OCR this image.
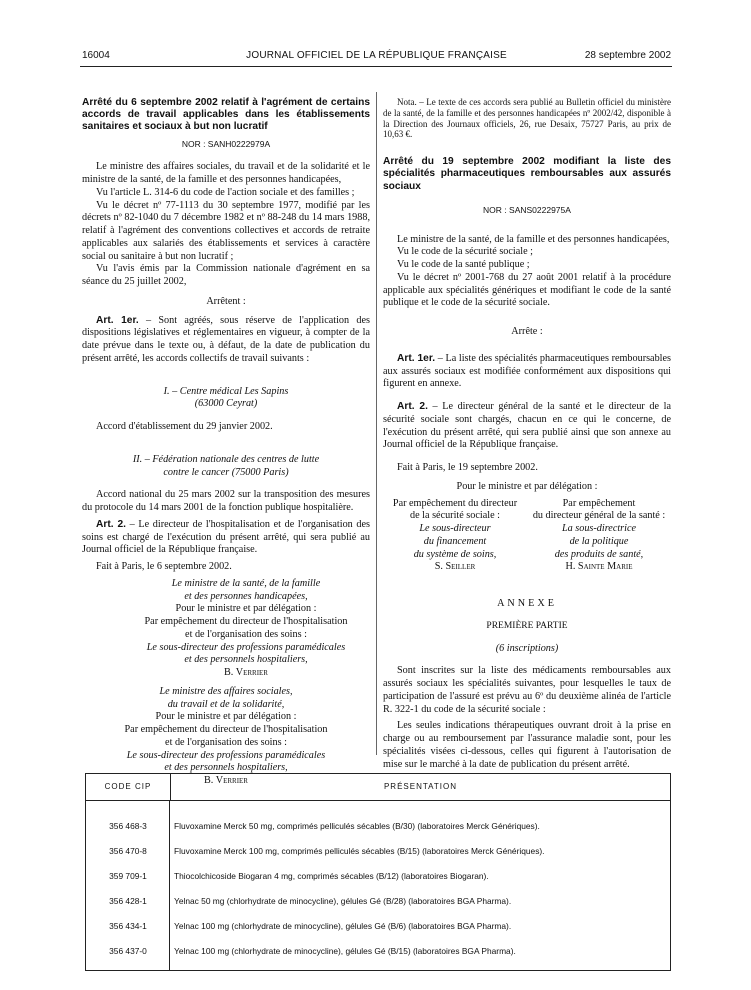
16004	JOURNAL OFFICIEL DE LA RÉPUBLIQUE FRANÇAISE	28 septembre 2002

Arrêté du 6 septembre 2002 relatif à l'agrément de certains accords de travail applicables dans les établissements sanitaires et sociaux à but non lucratif

NOR : SANH0222979A

Le ministre des affaires sociales, du travail et de la solidarité et le ministre de la santé, de la famille et des personnes handicapées,

Vu l'article L. 314-6 du code de l'action sociale et des familles ;

Vu le décret nº 77-1113 du 30 septembre 1977, modifié par les décrets nº 82-1040 du 7 décembre 1982 et nº 88-248 du 14 mars 1988, relatif à l'agrément des conventions collectives et accords de retraite applicables aux salariés des établissements et services à caractère social ou sanitaire à but non lucratif ;

Vu l'avis émis par la Commission nationale d'agrément en sa séance du 25 juillet 2002,

Arrêtent :

Art. 1er. – Sont agréés, sous réserve de l'application des dispositions législatives et réglementaires en vigueur, à compter de la date prévue dans le texte ou, à défaut, de la date de publication du présent arrêté, les accords collectifs de travail suivants :

I. – Centre médical Les Sapins
(63000 Ceyrat)

Accord d'établissement du 29 janvier 2002.

II. – Fédération nationale des centres de lutte
contre le cancer (75000 Paris)

Accord national du 25 mars 2002 sur la transposition des mesures du protocole du 14 mars 2001 de la fonction publique hospitalière.

Art. 2. – Le directeur de l'hospitalisation et de l'organisation des soins est chargé de l'exécution du présent arrêté, qui sera publié au Journal officiel de la République française.

Fait à Paris, le 6 septembre 2002.

Le ministre de la santé, de la famille
et des personnes handicapées,
Pour le ministre et par délégation :
Par empêchement du directeur de l'hospitalisation
et de l'organisation des soins :
Le sous-directeur des professions paramédicales
et des personnels hospitaliers,
B. Verrier
Le ministre des affaires sociales,
du travail et de la solidarité,
Pour le ministre et par délégation :
Par empêchement du directeur de l'hospitalisation
et de l'organisation des soins :
Le sous-directeur des professions paramédicales
et des personnels hospitaliers,
B. Verrier

Nota. – Le texte de ces accords sera publié au Bulletin officiel du ministère de la santé, de la famille et des personnes handicapées nº 2002/42, disponible à la Direction des Journaux officiels, 26, rue Desaix, 75727 Paris, au prix de 10,63 €.

Arrêté du 19 septembre 2002 modifiant la liste des spécialités pharmaceutiques remboursables aux assurés sociaux

NOR : SANS0222975A

Le ministre de la santé, de la famille et des personnes handicapées,

Vu le code de la sécurité sociale ;

Vu le code de la santé publique ;

Vu le décret nº 2001-768 du 27 août 2001 relatif à la procédure applicable aux spécialités génériques et modifiant le code de la santé publique et le code de la sécurité sociale.

Arrête :

Art. 1er. – La liste des spécialités pharmaceutiques remboursables aux assurés sociaux est modifiée conformément aux dispositions qui figurent en annexe.

Art. 2. – Le directeur général de la santé et le directeur de la sécurité sociale sont chargés, chacun en ce qui le concerne, de l'exécution du présent arrêté, qui sera publié ainsi que son annexe au Journal officiel de la République française.

Fait à Paris, le 19 septembre 2002.

Pour le ministre et par délégation :

Par empêchement du directeur
de la sécurité sociale :
Le sous-directeur
du financement
du système de soins,
S. Seiller
Par empêchement
du directeur général de la santé :
La sous-directrice
de la politique
des produits de santé,
H. Sainte Marie

ANNEXE

PREMIÈRE PARTIE

(6 inscriptions)

Sont inscrites sur la liste des médicaments remboursables aux assurés sociaux les spécialités suivantes, pour lesquelles le taux de participation de l'assuré est prévu au 6º du deuxième alinéa de l'article R. 322-1 du code de la sécurité sociale :

Les seules indications thérapeutiques ouvrant droit à la prise en charge ou au remboursement par l'assurance maladie sont, pour les spécialités visées ci-dessous, celles qui figurent à l'autorisation de mise sur le marché à la date de publication du présent arrêté.

CODE CIP	PRÉSENTATION
356 468-3	Fluvoxamine Merck 50 mg, comprimés pelliculés sécables (B/30) (laboratoires Merck Génériques).
356 470-8	Fluvoxamine Merck 100 mg, comprimés pelliculés sécables (B/15) (laboratoires Merck Génériques).
359 709-1	Thiocolchicoside Biogaran 4 mg, comprimés sécables (B/12) (laboratoires Biogaran).
356 428-1	Yelnac 50 mg (chlorhydrate de minocycline), gélules Gé (B/28) (laboratoires BGA Pharma).
356 434-1	Yelnac 100 mg (chlorhydrate de minocycline), gélules Gé (B/6) (laboratoires BGA Pharma).
356 437-0	Yelnac 100 mg (chlorhydrate de minocycline), gélules Gé (B/15) (laboratoires BGA Pharma).
